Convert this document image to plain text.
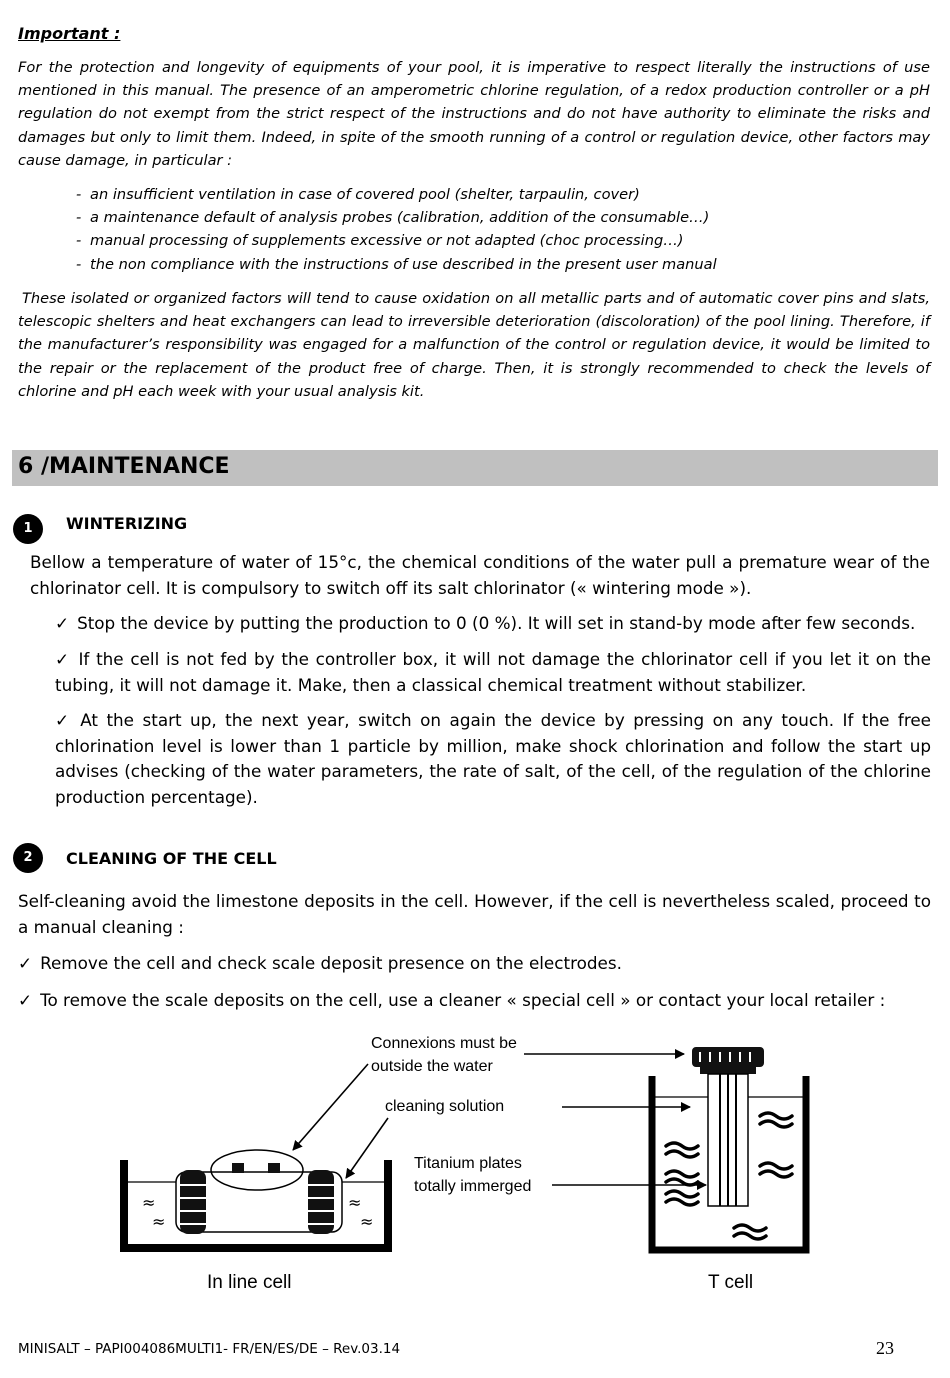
Important :
For the protection and longevity of equipments of your pool, it is imperative to respect literally the instructions of use mentioned in this manual. The presence of an amperometric chlorine regulation, of a redox production controller or a pH regulation do not exempt from the strict respect of the instructions and do not have authority to eliminate the risks and damages but only to limit them. Indeed, in spite of the smooth running of a control or regulation device, other factors may cause damage, in particular :
- an insufficient ventilation in case of covered pool (shelter, tarpaulin, cover)
- a maintenance default of analysis probes (calibration, addition of the consumable…)
- manual processing of supplements excessive or not adapted (choc processing…)
- the non compliance with the instructions of use described in the present user manual
These isolated or organized factors will tend to cause oxidation on all metallic parts and of automatic cover pins and slats, telescopic shelters and heat exchangers can lead to irreversible deterioration (discoloration) of the pool lining. Therefore, if the manufacturer’s responsibility was engaged for a malfunction of the control or regulation device, it would be limited to the repair or the replacement of the product free of charge. Then, it is strongly recommended to check the levels of chlorine and pH each week with your usual analysis kit.
6 /MAINTENANCE
1	WINTERIZING
Bellow a temperature of water of 15°c, the chemical conditions of the water pull a premature wear of the chlorinator cell. It is compulsory to switch off its salt chlorinator (« wintering mode »).
✓ Stop the device by putting the production to 0 (0 %). It will set in stand-by mode after few seconds.
✓ If the cell is not fed by the controller box, it will not damage the chlorinator cell if you let it on the tubing, it will not damage it. Make, then a classical chemical treatment without stabilizer.
✓ At the start up, the next year, switch on again the device by pressing on any touch. If the free chlorination level is lower than 1 particle by million, make shock chlorination and follow the start up advises (checking of the water parameters, the rate of salt, of the cell, of the regulation of the chlorine production percentage).
2	CLEANING OF THE CELL
Self-cleaning avoid the limestone deposits in the cell. However, if the cell is nevertheless scaled, proceed to a manual cleaning :
✓ Remove the cell and check scale deposit presence on the electrodes.
✓ To remove the scale deposits on the cell, use a cleaner « special cell » or contact your local retailer :
≈
≈
≈
≈
Connexions must be
outside the water
cleaning solution
Titanium plates
totally immerged
In line cell	T cell
MINISALT – PAPI004086MULTI1- FR/EN/ES/DE – Rev.03.14	23
